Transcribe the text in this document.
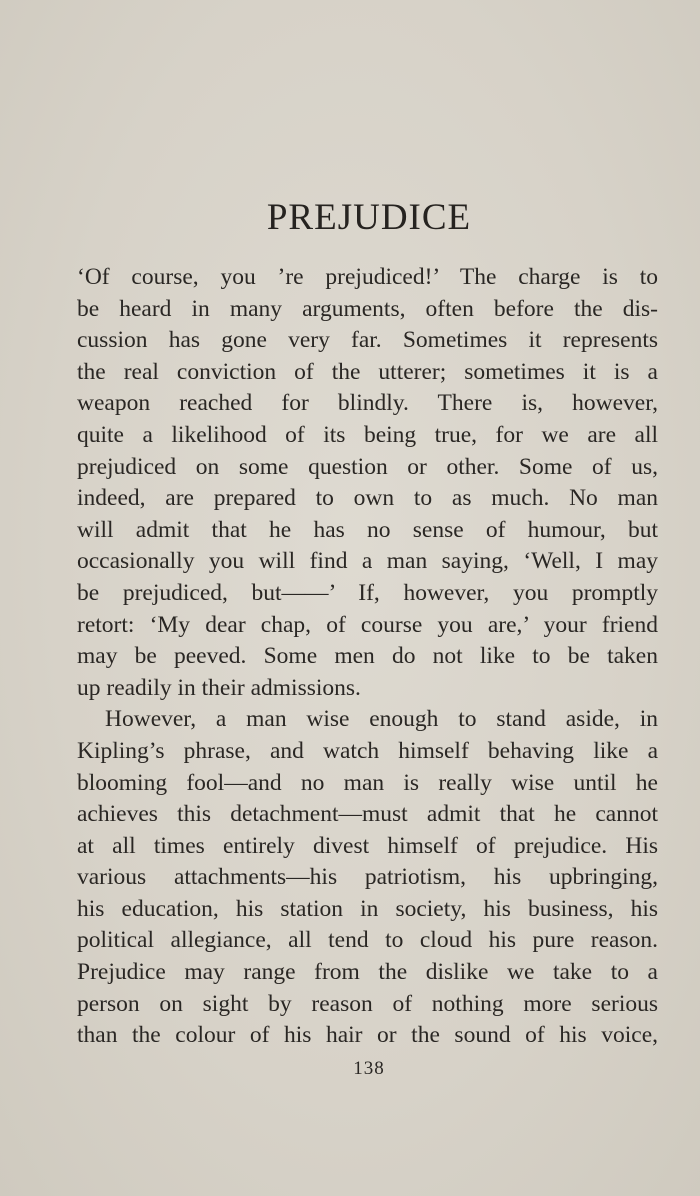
PREJUDICE
‘Of course, you ’re prejudiced!’ The charge is to
be heard in many arguments, often before the dis-
cussion has gone very far. Sometimes it represents
the real conviction of the utterer; sometimes it is a
weapon reached for blindly. There is, however,
quite a likelihood of its being true, for we are all
prejudiced on some question or other. Some of us,
indeed, are prepared to own to as much. No man
will admit that he has no sense of humour, but
occasionally you will find a man saying, ‘Well, I may
be prejudiced, but——’ If, however, you promptly
retort: ‘My dear chap, of course you are,’ your friend
may be peeved. Some men do not like to be taken
up readily in their admissions.
However, a man wise enough to stand aside, in
Kipling’s phrase, and watch himself behaving like a
blooming fool—and no man is really wise until he
achieves this detachment—must admit that he cannot
at all times entirely divest himself of prejudice. His
various attachments—his patriotism, his upbringing,
his education, his station in society, his business, his
political allegiance, all tend to cloud his pure reason.
Prejudice may range from the dislike we take to a
person on sight by reason of nothing more serious
than the colour of his hair or the sound of his voice,
138
